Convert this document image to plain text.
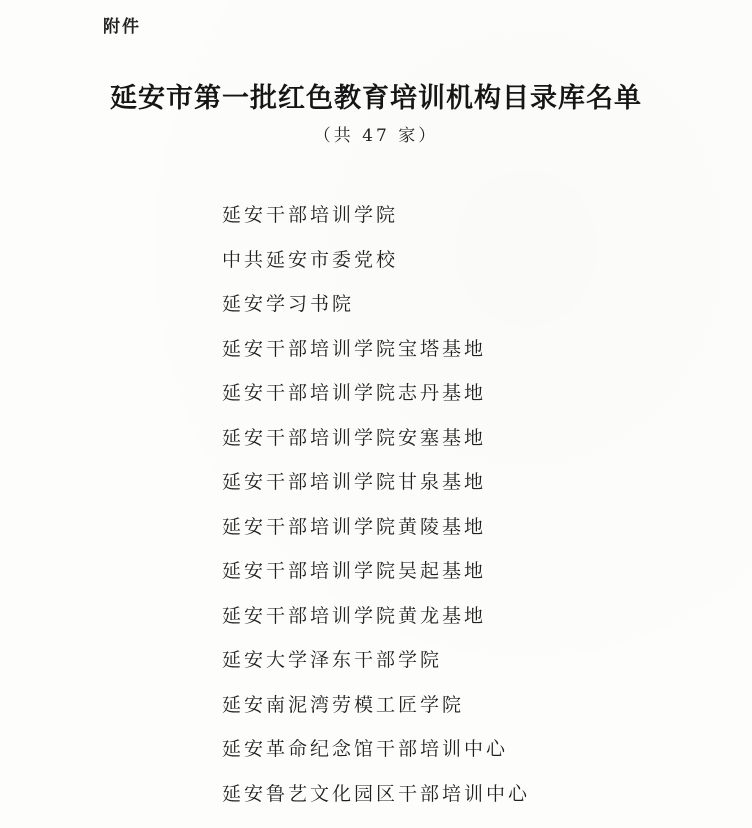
附件
延安市第一批红色教育培训机构目录库名单
（共 47 家）
延安干部培训学院
中共延安市委党校
延安学习书院
延安干部培训学院宝塔基地
延安干部培训学院志丹基地
延安干部培训学院安塞基地
延安干部培训学院甘泉基地
延安干部培训学院黄陵基地
延安干部培训学院吴起基地
延安干部培训学院黄龙基地
延安大学泽东干部学院
延安南泥湾劳模工匠学院
延安革命纪念馆干部培训中心
延安鲁艺文化园区干部培训中心
